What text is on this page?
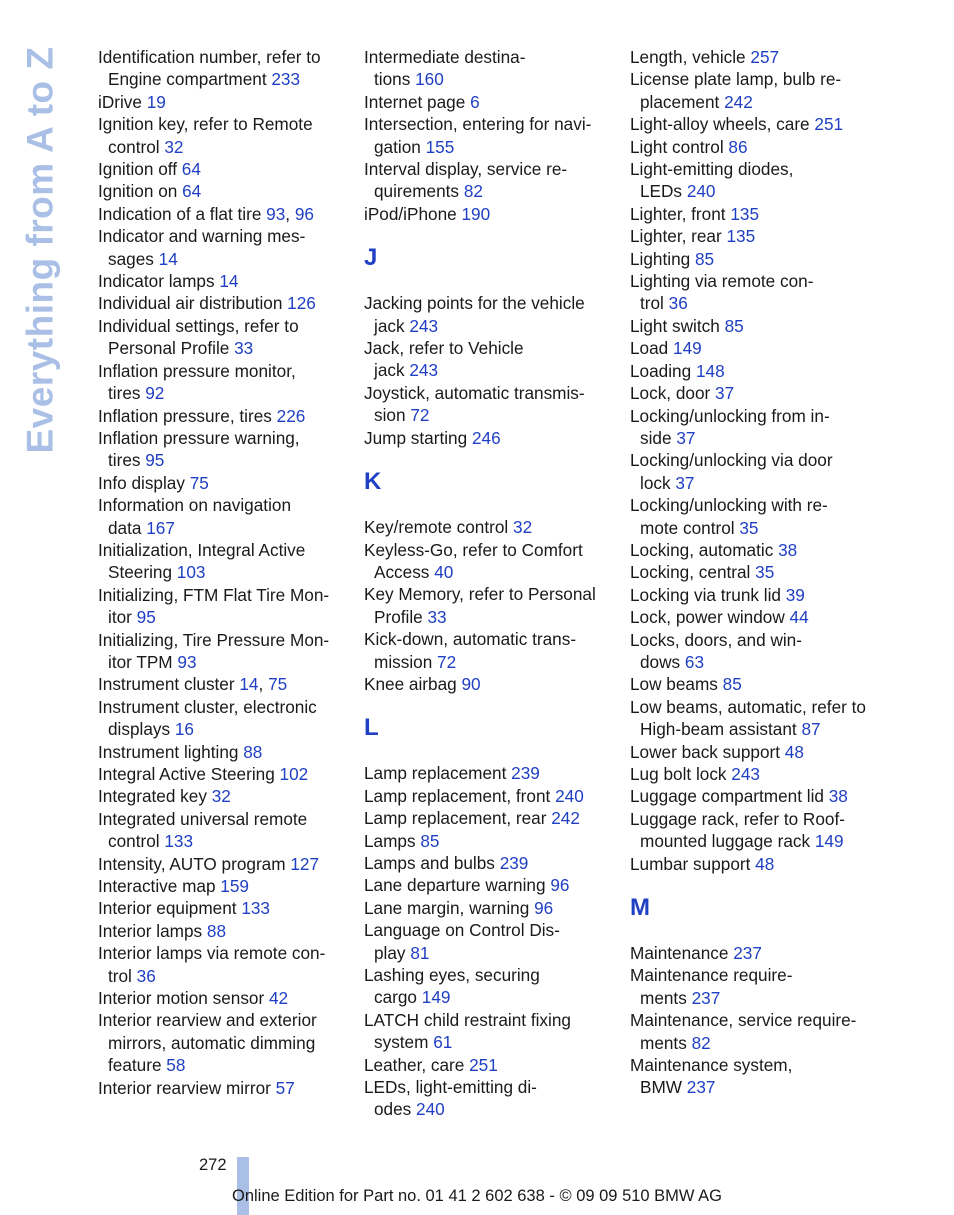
Everything from A to Z Identification number, refer to
Engine compartment 233
iDrive 19
Ignition key, refer to Remote
control 32
Ignition off 64
Ignition on 64
Indication of a flat tire 93, 96
Indicator and warning mes-
sages 14
Indicator lamps 14
Individual air distribution 126
Individual settings, refer to
Personal Profile 33
Inflation pressure monitor,
tires 92
Inflation pressure, tires 226
Inflation pressure warning,
tires 95
Info display 75
Information on navigation
data 167
Initialization, Integral Active
Steering 103
Initializing, FTM Flat Tire Mon-
itor 95
Initializing, Tire Pressure Mon-
itor TPM 93
Instrument cluster 14, 75
Instrument cluster, electronic
displays 16
Instrument lighting 88
Integral Active Steering 102
Integrated key 32
Integrated universal remote
control 133
Intensity, AUTO program 127
Interactive map 159
Interior equipment 133
Interior lamps 88
Interior lamps via remote con-
trol 36
Interior motion sensor 42
Interior rearview and exterior
mirrors, automatic dimming
feature 58
Interior rearview mirror 57
Intermediate destina-
tions 160
Internet page 6
Intersection, entering for navi-
gation 155
Interval display, service re-
quirements 82
iPod/iPhone 190
J
Jacking points for the vehicle
jack 243
Jack, refer to Vehicle
jack 243
Joystick, automatic transmis-
sion 72
Jump starting 246
K
Key/remote control 32
Keyless-Go, refer to Comfort
Access 40
Key Memory, refer to Personal
Profile 33
Kick-down, automatic trans-
mission 72
Knee airbag 90
L
Lamp replacement 239
Lamp replacement, front 240
Lamp replacement, rear 242
Lamps 85
Lamps and bulbs 239
Lane departure warning 96
Lane margin, warning 96
Language on Control Dis-
play 81
Lashing eyes, securing
cargo 149
LATCH child restraint fixing
system 61
Leather, care 251
LEDs, light-emitting di-
odes 240
Length, vehicle 257
License plate lamp, bulb re-
placement 242
Light-alloy wheels, care 251
Light control 86
Light-emitting diodes,
LEDs 240
Lighter, front 135
Lighter, rear 135
Lighting 85
Lighting via remote con-
trol 36
Light switch 85
Load 149
Loading 148
Lock, door 37
Locking/unlocking from in-
side 37
Locking/unlocking via door
lock 37
Locking/unlocking with re-
mote control 35
Locking, automatic 38
Locking, central 35
Locking via trunk lid 39
Lock, power window 44
Locks, doors, and win-
dows 63
Low beams 85
Low beams, automatic, refer to
High-beam assistant 87
Lower back support 48
Lug bolt lock 243
Luggage compartment lid 38
Luggage rack, refer to Roof-
mounted luggage rack 149
Lumbar support 48
M
Maintenance 237
Maintenance require-
ments 237
Maintenance, service require-
ments 82
Maintenance system,
BMW 237
272
Online Edition for Part no. 01 41 2 602 638 - © 09 09 510 BMW AG
